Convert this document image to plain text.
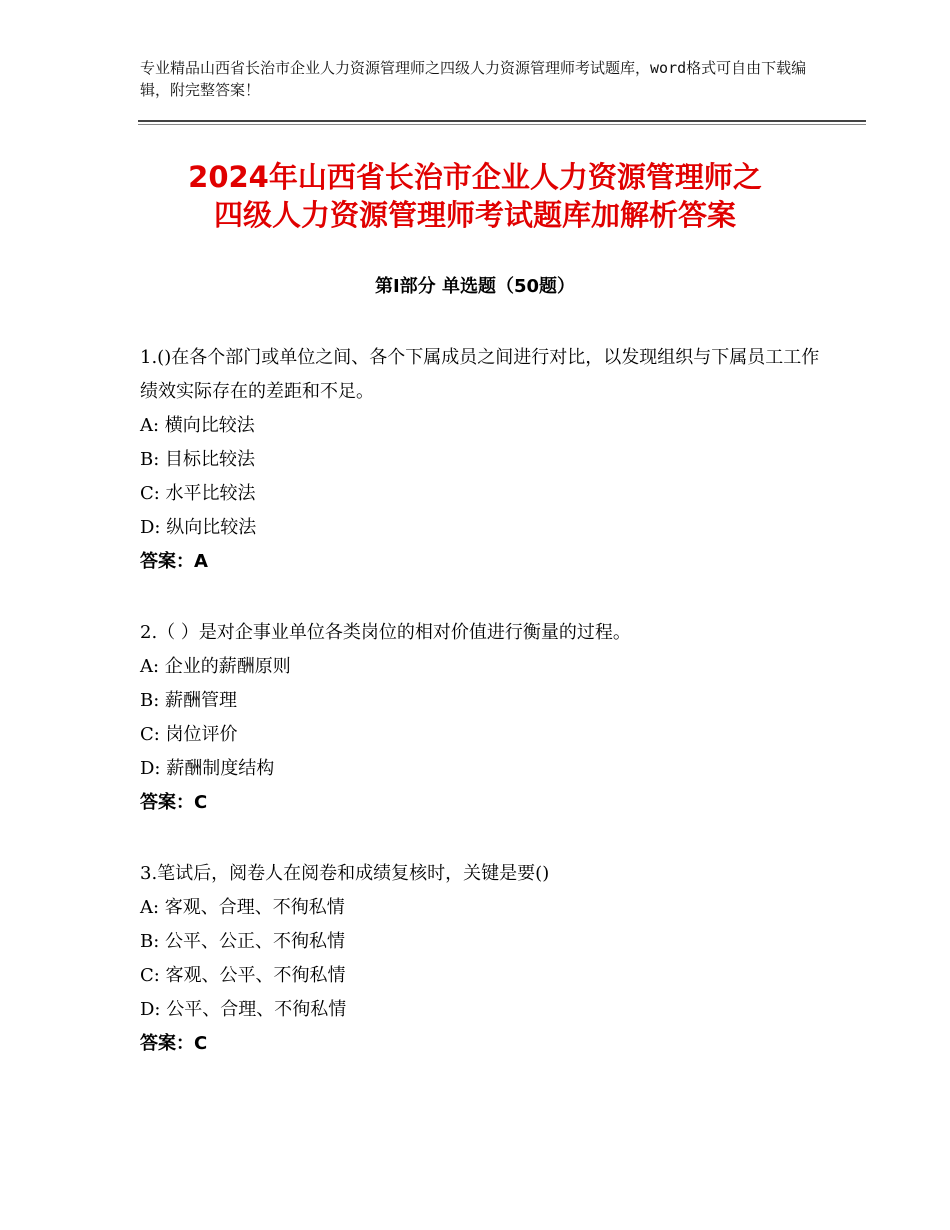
专业精品山西省长治市企业人力资源管理师之四级人力资源管理师考试题库，word格式可自由下载编辑，附完整答案！
2024年山西省长治市企业人力资源管理师之
四级人力资源管理师考试题库加解析答案
第Ⅰ部分 单选题（50题）

1.()在各个部门或单位之间、各个下属成员之间进行对比，以发现组织与下属员工工作绩效实际存在的差距和不足。

A: 横向比较法

B: 目标比较法

C: 水平比较法

D: 纵向比较法

答案：A

2.（ ）是对企事业单位各类岗位的相对价值进行衡量的过程。

A: 企业的薪酬原则

B: 薪酬管理

C: 岗位评价

D: 薪酬制度结构

答案：C

3.笔试后，阅卷人在阅卷和成绩复核时，关键是要()

A: 客观、合理、不徇私情

B: 公平、公正、不徇私情

C: 客观、公平、不徇私情

D: 公平、合理、不徇私情

答案：C
